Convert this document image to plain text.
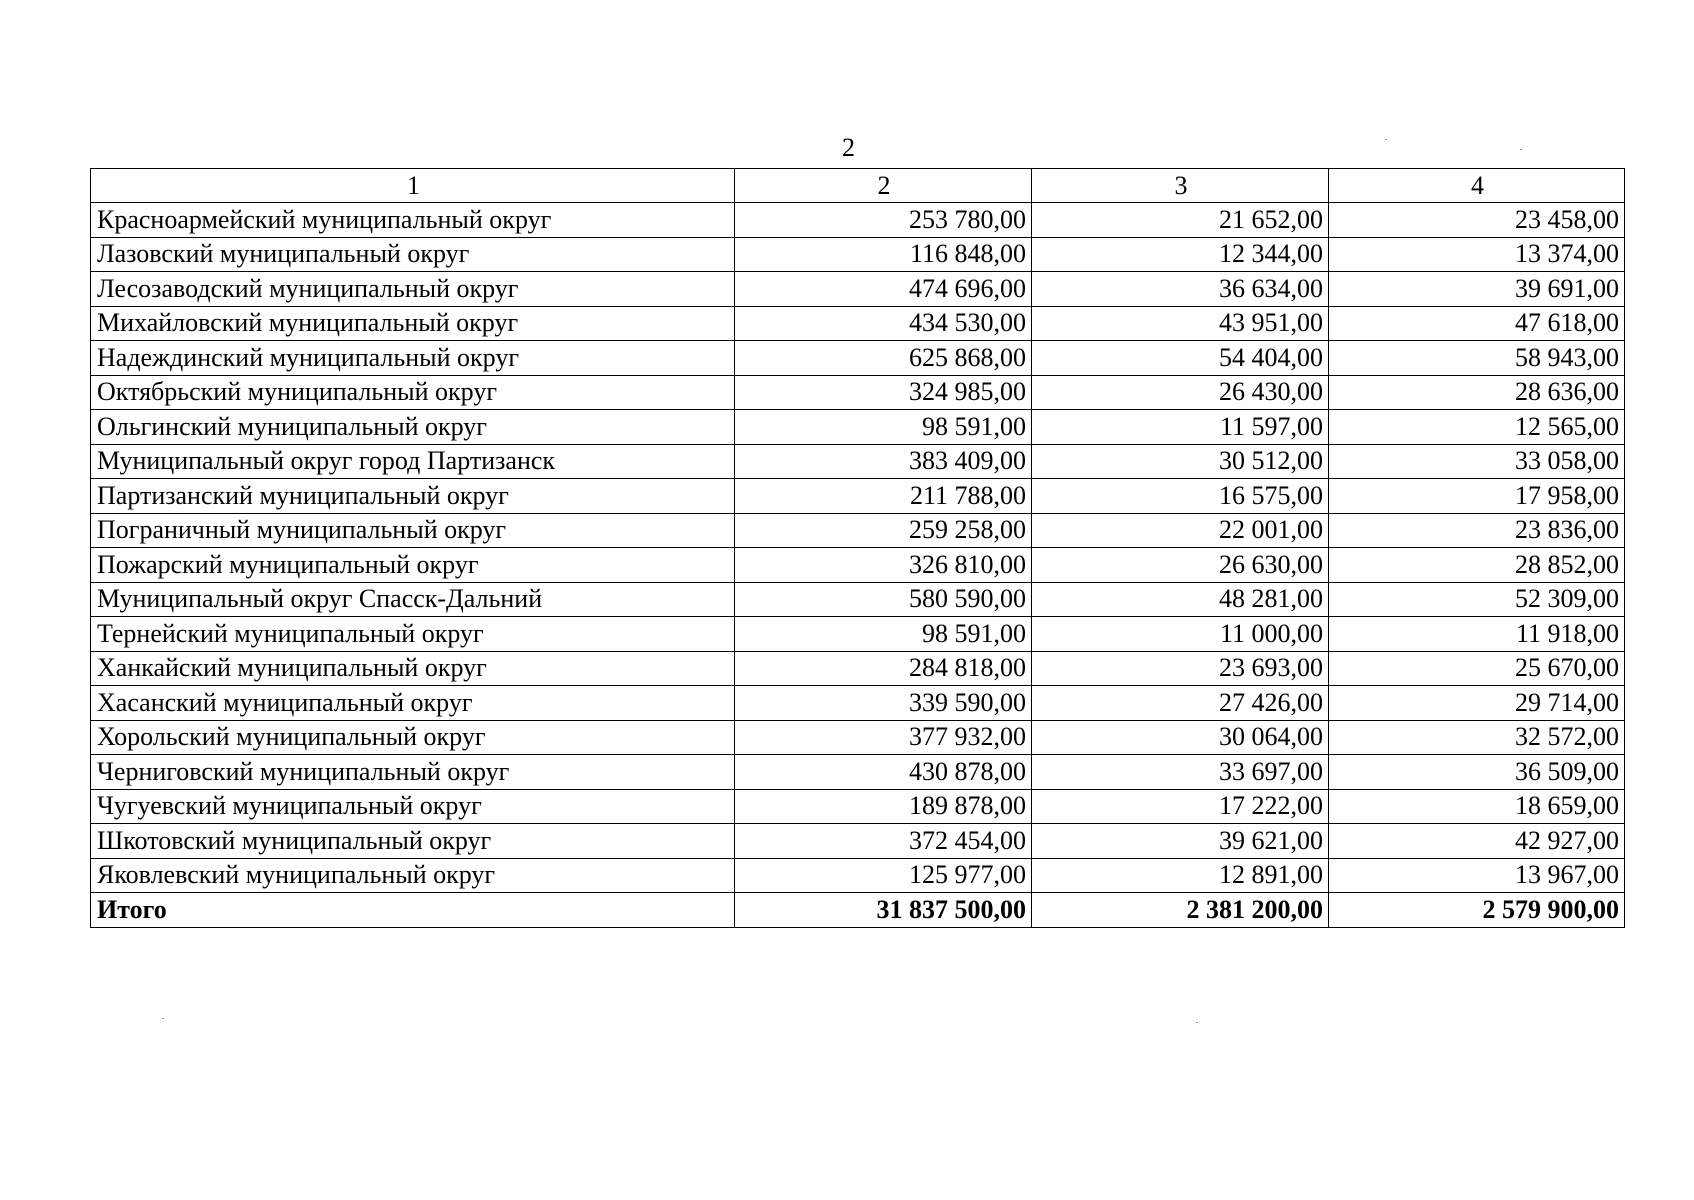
2
1	2	3	4
Красноармейский муниципальный округ	253 780,00	21 652,00	23 458,00
Лазовский муниципальный округ	116 848,00	12 344,00	13 374,00
Лесозаводский муниципальный округ	474 696,00	36 634,00	39 691,00
Михайловский муниципальный округ	434 530,00	43 951,00	47 618,00
Надеждинский муниципальный округ	625 868,00	54 404,00	58 943,00
Октябрьский муниципальный округ	324 985,00	26 430,00	28 636,00
Ольгинский муниципальный округ	98 591,00	11 597,00	12 565,00
Муниципальный округ город Партизанск	383 409,00	30 512,00	33 058,00
Партизанский муниципальный округ	211 788,00	16 575,00	17 958,00
Пограничный муниципальный округ	259 258,00	22 001,00	23 836,00
Пожарский муниципальный округ	326 810,00	26 630,00	28 852,00
Муниципальный округ Спасск-Дальний	580 590,00	48 281,00	52 309,00
Тернейский муниципальный округ	98 591,00	11 000,00	11 918,00
Ханкайский муниципальный округ	284 818,00	23 693,00	25 670,00
Хасанский муниципальный округ	339 590,00	27 426,00	29 714,00
Хорольский муниципальный округ	377 932,00	30 064,00	32 572,00
Черниговский муниципальный округ	430 878,00	33 697,00	36 509,00
Чугуевский муниципальный округ	189 878,00	17 222,00	18 659,00
Шкотовский муниципальный округ	372 454,00	39 621,00	42 927,00
Яковлевский муниципальный округ	125 977,00	12 891,00	13 967,00
Итого	31 837 500,00	2 381 200,00	2 579 900,00
